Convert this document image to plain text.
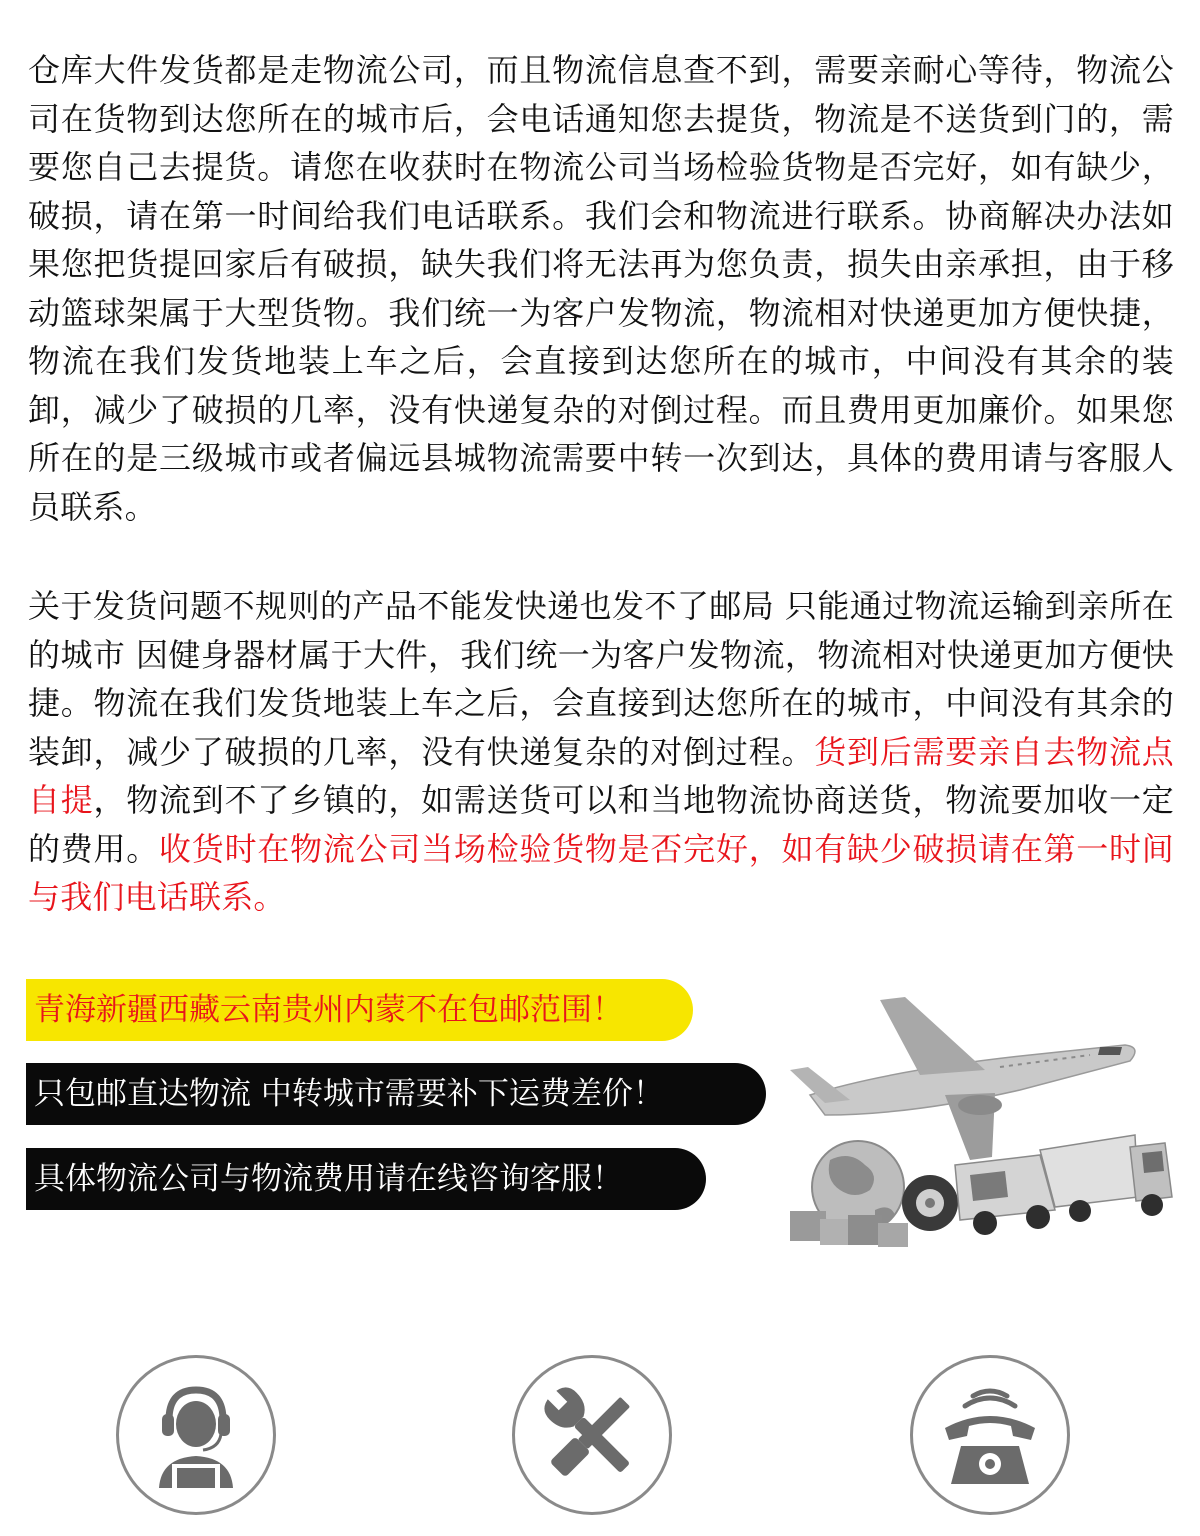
仓库大件发货都是走物流公司，而且物流信息查不到，需要亲耐心等待，物流公司在货物到达您所在的城市后，会电话通知您去提货，物流是不送货到门的，需要您自己去提货。请您在收获时在物流公司当场检验货物是否完好，如有缺少，破损，请在第一时间给我们电话联系。我们会和物流进行联系。协商解决办法如果您把货提回家后有破损，缺失我们将无法再为您负责，损失由亲承担，由于移动篮球架属于大型货物。我们统一为客户发物流，物流相对快递更加方便快捷，物流在我们发货地装上车之后，会直接到达您所在的城市，中间没有其余的装卸，减少了破损的几率，没有快递复杂的对倒过程。而且费用更加廉价。如果您所在的是三级城市或者偏远县城物流需要中转一次到达，具体的费用请与客服人员联系。

关于发货问题不规则的产品不能发快递也发不了邮局 只能通过物流运输到亲所在的城市 因健身器材属于大件，我们统一为客户发物流，物流相对快递更加方便快捷。物流在我们发货地装上车之后，会直接到达您所在的城市，中间没有其余的装卸，减少了破损的几率，没有快递复杂的对倒过程。货到后需要亲自去物流点自提，物流到不了乡镇的，如需送货可以和当地物流协商送货，物流要加收一定的费用。收货时在物流公司当场检验货物是否完好，如有缺少破损请在第一时间与我们电话联系。

青海新疆西藏云南贵州内蒙不在包邮范围！
只包邮直达物流 中转城市需要补下运费差价！
具体物流公司与物流费用请在线咨询客服！
